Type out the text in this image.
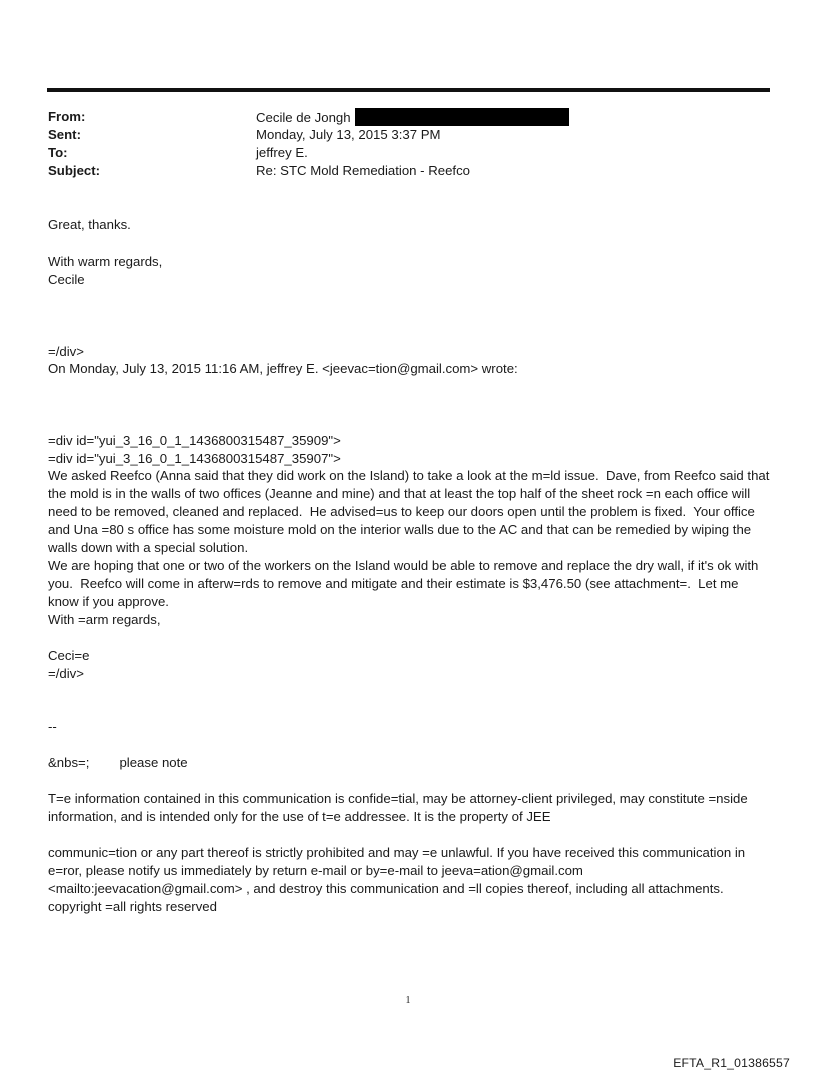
From:	Cecile de Jongh
Sent:	Monday, July 13, 2015 3:37 PM
To:	jeffrey E.
Subject:	Re: STC Mold Remediation - Reefco
Great, thanks.
With warm regards,
Cecile
=/div>
On Monday, July 13, 2015 11:16 AM, jeffrey E. <jeevac=tion@gmail.com> wrote:
=div id="yui_3_16_0_1_1436800315487_35909">
=div id="yui_3_16_0_1_1436800315487_35907">
We asked Reefco (Anna said that they did work on the Island) to take a look at the m=ld issue.  Dave, from Reefco said that the mold is in the walls of two offices (Jeanne and mine) and that at least the top half of the sheet rock =n each office will need to be removed, cleaned and replaced.  He advised=us to keep our doors open until the problem is fixed.  Your office and Una =80 s office has some moisture mold on the interior walls due to the AC and that can be remedied by wiping the walls down with a special solution.
We are hoping that one or two of the workers on the Island would be able to remove and replace the dry wall, if it's ok with you.  Reefco will come in afterw=rds to remove and mitigate and their estimate is $3,476.50 (see attachment=.  Let me know if you approve.
With =arm regards,
Ceci=e
=/div>
--
&nbs=; please note
T=e information contained in this communication is confide=tial, may be attorney-client privileged, may constitute =nside information, and is intended only for the use of t=e addressee. It is the property of JEE
communic=tion or any part thereof is strictly prohibited and may =e unlawful. If you have received this communication in e=ror, please notify us immediately by return e-mail or by=e-mail to jeeva=ation@gmail.com <mailto:jeevacation@gmail.com> , and destroy this communication and =ll copies thereof, including all attachments. copyright =all rights reserved
1
EFTA_R1_01386557
